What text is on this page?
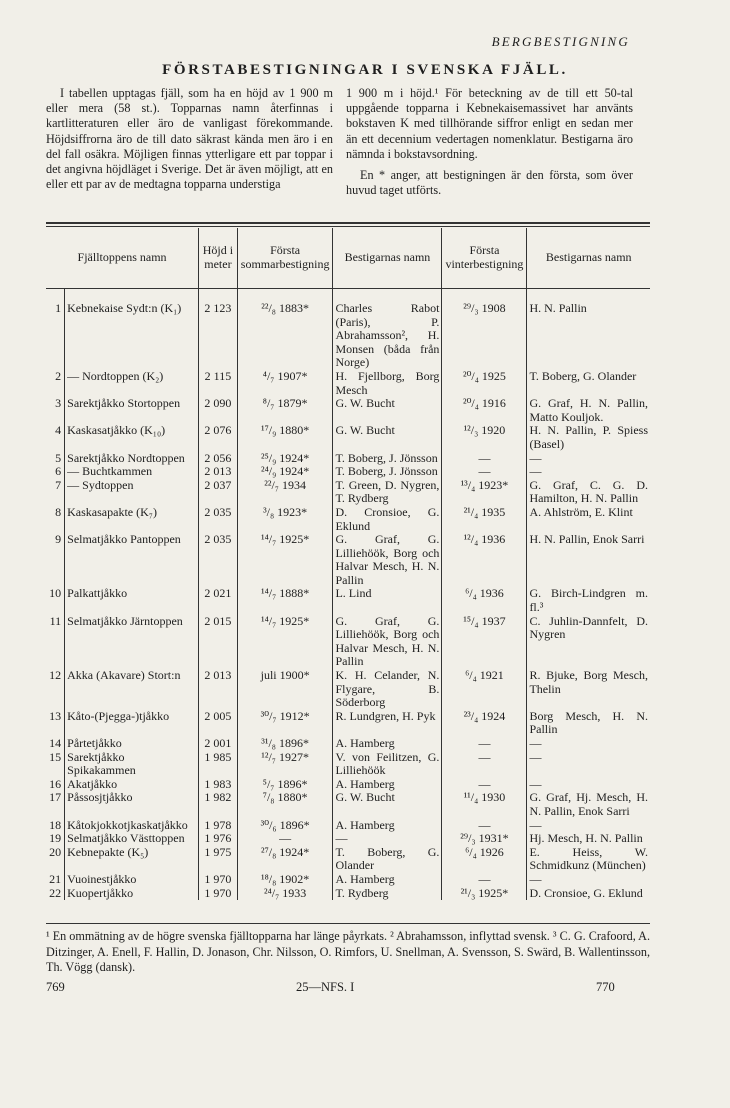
BERGBESTIGNING
FÖRSTABESTIGNINGAR I SVENSKA FJÄLL.

I tabellen upptagas fjäll, som ha en höjd av 1 900 m eller mera (58 st.). Topparnas namn återfinnas i kartlitteraturen eller äro de vanligast förekommande. Höjdsiffrorna äro de till dato säkrast kända men äro i en del fall osäkra. Möjligen finnas ytterligare ett par toppar i det angivna höjdläget i Sverige. Det är även möjligt, att en eller ett par av de medtagna topparna understiga

1 900 m i höjd.¹ För beteckning av de till ett 50-tal uppgående topparna i Kebnekaisemassivet har använts bokstaven K med tillhörande siffror enligt en sedan mer än ett decennium vedertagen nomenklatur. Bestigarna äro nämnda i bokstavsordning.

En * anger, att bestigningen är den första, som över huvud taget utförts.

Fjälltoppens namn		Höjd i meter	Första sommarbestigning	Bestigarnas namn	Första vinterbestigning	Bestigarnas namn

1	Kebnekaise Sydt:n (K₁)	2 123	²²/₈ 1883*	Charles Rabot (Paris), P. Abrahamsson², H. Monsen (båda från Norge)	²⁹/₃ 1908	H. N. Pallin
2	— Nordtoppen (K₂)	2 115	⁴/₇ 1907*	H. Fjellborg, Borg Mesch	²⁰/₄ 1925	T. Boberg, G. Olander
3	Sarektjåkko Stortoppen	2 090	⁸/₇ 1879*	G. W. Bucht	²⁰/₄ 1916	G. Graf, H. N. Pallin, Matto Kouljok.
4	Kaskasatjåkko (K₁₀)	2 076	¹⁷/₉ 1880*	G. W. Bucht	¹²/₃ 1920	H. N. Pallin, P. Spiess (Basel)
5	Sarektjåkko Nordtoppen	2 056	²⁵/₉ 1924*	T. Boberg, J. Jönsson	—	—
6	— Buchtkammen	2 013	²⁴/₉ 1924*	T. Boberg, J. Jönsson	—	—
7	— Sydtoppen	2 037	²²/₇ 1934	T. Green, D. Nygren, T. Rydberg	¹³/₄ 1923*	G. Graf, C. G. D. Hamilton, H. N. Pallin
8	Kaskasapakte (K₇)	2 035	³/₈ 1923*	D. Cronsioe, G. Eklund	²¹/₄ 1935	A. Ahlström, E. Klint
9	Selmatjåkko Pantoppen	2 035	¹⁴/₇ 1925*	G. Graf, G. Lilliehöök, Borg och Halvar Mesch, H. N. Pallin	¹²/₄ 1936	H. N. Pallin, Enok Sarri
10	Palkattjåkko	2 021	¹⁴/₇ 1888*	L. Lind	⁶/₄ 1936	G. Birch-Lindgren m. fl.³
11	Selmatjåkko Järntoppen	2 015	¹⁴/₇ 1925*	G. Graf, G. Lilliehöök, Borg och Halvar Mesch, H. N. Pallin	¹⁵/₄ 1937	C. Juhlin-Dannfelt, D. Nygren
12	Akka (Akavare) Stort:n	2 013	juli 1900*	K. H. Celander, N. Flygare, B. Söderborg	⁶/₄ 1921	R. Bjuke, Borg Mesch, Thelin
13	Kåto-(Pjegga-)tjåkko	2 005	³⁰/₇ 1912*	R. Lundgren, H. Pyk	²³/₄ 1924	Borg Mesch, H. N. Pallin
14	Pårtetjåkko	2 001	³¹/₈ 1896*	A. Hamberg	—	—
15	Sarektjåkko Spikakammen	1 985	¹²/₇ 1927*	V. von Feilitzen, G. Lilliehöök	—	—
16	Akatjåkko	1 983	⁵/₇ 1896*	A. Hamberg	—	—
17	Påssosjtjåkko	1 982	⁷/₈ 1880*	G. W. Bucht	¹¹/₄ 1930	G. Graf, Hj. Mesch, H. N. Pallin, Enok Sarri
18	Kåtokjokkotjkaskatjåkko	1 978	³⁰/₆ 1896*	A. Hamberg	—	—
19	Selmatjåkko Västtoppen	1 976	—	—	²⁹/₃ 1931*	Hj. Mesch, H. N. Pallin
20	Kebnepakte (K₅)	1 975	²⁷/₈ 1924*	T. Boberg, G. Olander	⁶/₄ 1926	E. Heiss, W. Schmidkunz (München)
21	Vuoinestjåkko	1 970	¹⁸/₈ 1902*	A. Hamberg	—	—
22	Kuopertjåkko	1 970	²⁴/₇ 1933	T. Rydberg	²¹/₃ 1925*	D. Cronsioe, G. Eklund
¹ En ommätning av de högre svenska fjälltopparna har länge påyrkats. ² Abrahamsson, inflyttad svensk. ³ C. G. Crafoord, A. Ditzinger, A. Enell, F. Hallin, D. Jonason, Chr. Nilsson, O. Rimfors, U. Snellman, A. Svensson, S. Swärd, B. Wallentinsson, Th. Vögg (dansk).
769	25—NFS. I	770
